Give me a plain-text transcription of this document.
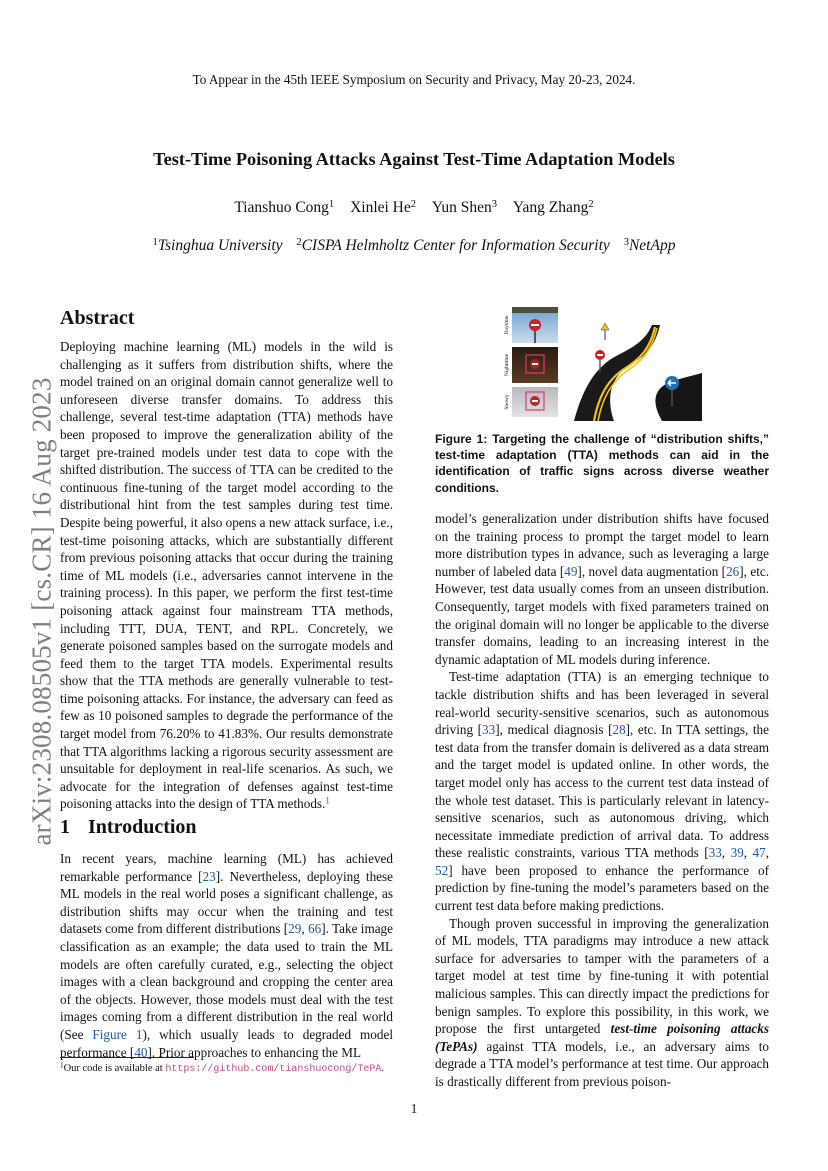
To Appear in the 45th IEEE Symposium on Security and Privacy, May 20-23, 2024.
Test-Time Poisoning Attacks Against Test-Time Adaptation Models
Tianshuo Cong$^1$ Xinlei He$^2$ Yun Shen$^3$ Yang Zhang$^2$
$^1$Tsinghua University $^2$CISPA Helmholtz Center for Information Security $^3$NetApp
arXiv:2308.08505v1 [cs.CR] 16 Aug 2023
Abstract

Deploying machine learning (ML) models in the wild is challenging as it suffers from distribution shifts, where the model trained on an original domain cannot generalize well to unforeseen diverse transfer domains. To address this challenge, several test-time adaptation (TTA) methods have been proposed to improve the generalization ability of the target pre-trained models under test data to cope with the shifted distribution. The success of TTA can be credited to the continuous fine-tuning of the target model according to the distributional hint from the test samples during test time. Despite being powerful, it also opens a new attack surface, i.e., test-time poisoning attacks, which are substantially different from previous poisoning attacks that occur during the training time of ML models (i.e., adversaries cannot intervene in the training process). In this paper, we perform the first test-time poisoning attack against four mainstream TTA methods, including TTT, DUA, TENT, and RPL. Concretely, we generate poisoned samples based on the surrogate models and feed them to the target TTA models. Experimental results show that the TTA methods are generally vulnerable to test-time poisoning attacks. For instance, the adversary can feed as few as 10 poisoned samples to degrade the performance of the target model from 76.20% to 41.83%. Our results demonstrate that TTA algorithms lacking a rigorous security assessment are unsuitable for deployment in real-life scenarios. As such, we advocate for the integration of defenses against test-time poisoning attacks into the design of TTA methods.$^1$

1 Introduction

In recent years, machine learning (ML) has achieved remarkable performance [23]. Nevertheless, deploying these ML models in the real world poses a significant challenge, as distribution shifts may occur when the training and test datasets come from different distributions [29, 66]. Take image classification as an example; the data used to train the ML models are often carefully curated, e.g., selecting the object images with a clean background and cropping the center area of the objects. However, those models must deal with the test images coming from a different distribution in the real world (See Figure 1), which usually leads to degraded model performance [40]. Prior approaches to enhancing the ML

$^1$Our code is available at https://github.com/tianshuocong/TePA.
Daytime
Nighttime
Snowy
Figure 1: Targeting the challenge of “distribution shifts,” test-time adaptation (TTA) methods can aid in the identification of traffic signs across diverse weather conditions.

model’s generalization under distribution shifts have focused on the training process to prompt the target model to learn more distribution types in advance, such as leveraging a large number of labeled data [49], novel data augmentation [26], etc. However, test data usually comes from an unseen distribution. Consequently, target models with fixed parameters trained on the original domain will no longer be applicable to the diverse transfer domains, leading to an increasing interest in the dynamic adaptation of ML models during inference.

Test-time adaptation (TTA) is an emerging technique to tackle distribution shifts and has been leveraged in several real-world security-sensitive scenarios, such as autonomous driving [33], medical diagnosis [28], etc. In TTA settings, the test data from the transfer domain is delivered as a data stream and the target model is updated online. In other words, the target model only has access to the current test data instead of the whole test dataset. This is particularly relevant in latency-sensitive scenarios, such as autonomous driving, which necessitate immediate prediction of arrival data. To address these realistic constraints, various TTA methods [33, 39, 47, 52] have been proposed to enhance the performance of prediction by fine-tuning the model’s parameters based on the current test data before making predictions.

Though proven successful in improving the generalization of ML models, TTA paradigms may introduce a new attack surface for adversaries to tamper with the parameters of a target model at test time by fine-tuning it with potential malicious samples. This can directly impact the predictions for benign samples. To explore this possibility, in this work, we propose the first untargeted test-time poisoning attacks (TePAs) against TTA models, i.e., an adversary aims to degrade a TTA model’s performance at test time. Our approach is drastically different from previous poison-

1
